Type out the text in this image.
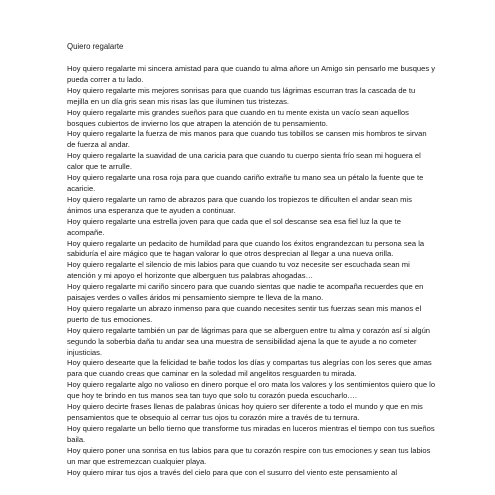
Quiero regalarte

Hoy quiero regalarte mi sincera amistad para que cuando tu alma añore un Amigo sin pensarlo me busques y pueda correr a tu lado.

Hoy quiero regalarte mis mejores sonrisas para que cuando tus lágrimas escurran tras la cascada de tu mejilla en un día gris sean mis risas las que iluminen tus tristezas.

Hoy quiero regalarte mis grandes sueños para que cuando en tu mente exista un vacío sean aquellos bosques cubiertos de invierno los que atrapen la atención de tu pensamiento.

Hoy quiero regalarte la fuerza de mis manos para que cuando tus tobillos se cansen mis hombros te sirvan de fuerza al andar.

Hoy quiero regalarte la suavidad de una caricia para que cuando tu cuerpo sienta frío sean mi hoguera el calor que te arrulle.

Hoy quiero regalarte una rosa roja para que cuando cariño extrañe tu mano sea un pétalo la fuente que te acaricie.

Hoy quiero regalarte un ramo de abrazos para que cuando los tropiezos te dificulten el andar sean mis ánimos una esperanza que te ayuden a continuar.

Hoy quiero regalarte una estrella joven para que cada que el sol descanse sea esa fiel luz la que te acompañe.

Hoy quiero regalarte un pedacito de humildad para que cuando los éxitos engrandezcan tu persona sea la sabiduría el aire mágico que te hagan valorar lo que otros desprecian al llegar a una nueva orilla.

Hoy quiero regalarte el silencio de mis labios para que cuando tu voz necesite ser escuchada sean mi atención y mi apoyo el horizonte que alberguen tus palabras ahogadas…

Hoy quiero regalarte mi cariño sincero para que cuando sientas que nadie te acompaña recuerdes que en paisajes verdes o valles áridos mi pensamiento siempre te lleva de la mano.

Hoy quiero regalarte un abrazo inmenso para que cuando necesites sentir tus fuerzas sean mis manos el puerto de tus emociones.

Hoy quiero regalarte también un par de lágrimas para que se alberguen entre tu alma y corazón así si algún segundo la soberbia daña tu andar sea una muestra de sensibilidad ajena la que te ayude a no cometer injusticias.

Hoy quiero desearte que la felicidad te bañe todos los días y compartas tus alegrías con los seres que amas para que cuando creas que caminar en la soledad mil angelitos resguarden tu mirada.

Hoy quiero regalarte algo no valioso en dinero porque el oro mata los valores y los sentimientos quiero que lo que hoy te brindo en tus manos sea tan tuyo que solo tu corazón pueda escucharlo….

Hoy quiero decirte frases llenas de palabras únicas hoy quiero ser diferente a todo el mundo y que en mis pensamientos que te obsequio al cerrar tus ojos tu corazón mire a través de tu ternura.

Hoy quiero regalarte un bello tierno que transforme tus miradas en luceros mientras el tiempo con tus sueños baila.

Hoy quiero poner una sonrisa en tus labios para que tu corazón respire con tus emociones y sean tus labios un mar que estremezcan cualquier playa.

Hoy quiero mirar tus ojos a través del cielo para que con el susurro del viento este pensamiento al
